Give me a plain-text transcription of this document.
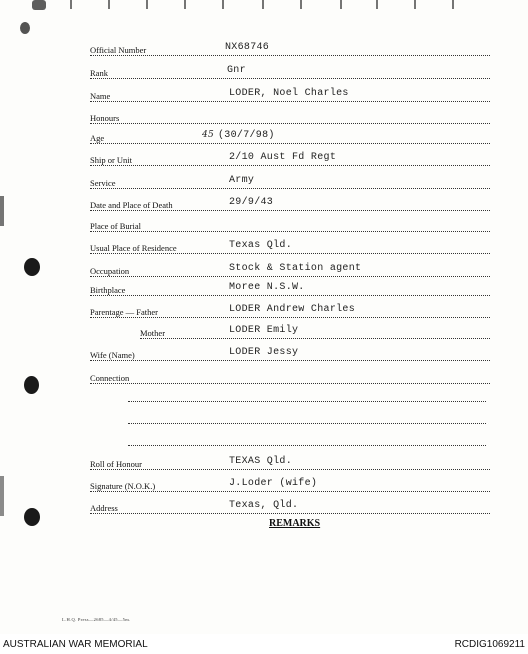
Official Number	NX68746
Rank	Gnr
Name	LODER, Noel Charles
Honours
Age	45 (30/7/98)
Ship or Unit	2/10 Aust Fd Regt
Service	Army
Date and Place of Death	29/9/43
Place of Burial
Usual Place of Residence	Texas Qld.
Occupation	Stock & Station agent
Birthplace	Moree N.S.W.
Parentage — Father	LODER Andrew Charles
Mother	LODER Emily
Wife (Name)	LODER Jessy
Connection
Roll of Honour	TEXAS Qld.
Signature (N.O.K.)	J.Loder (wife)
Address	Texas, Qld.
REMARKS
L.H.Q. Press—2685—4/45—5m.
AUSTRALIAN WAR MEMORIAL	RCDIG1069211
